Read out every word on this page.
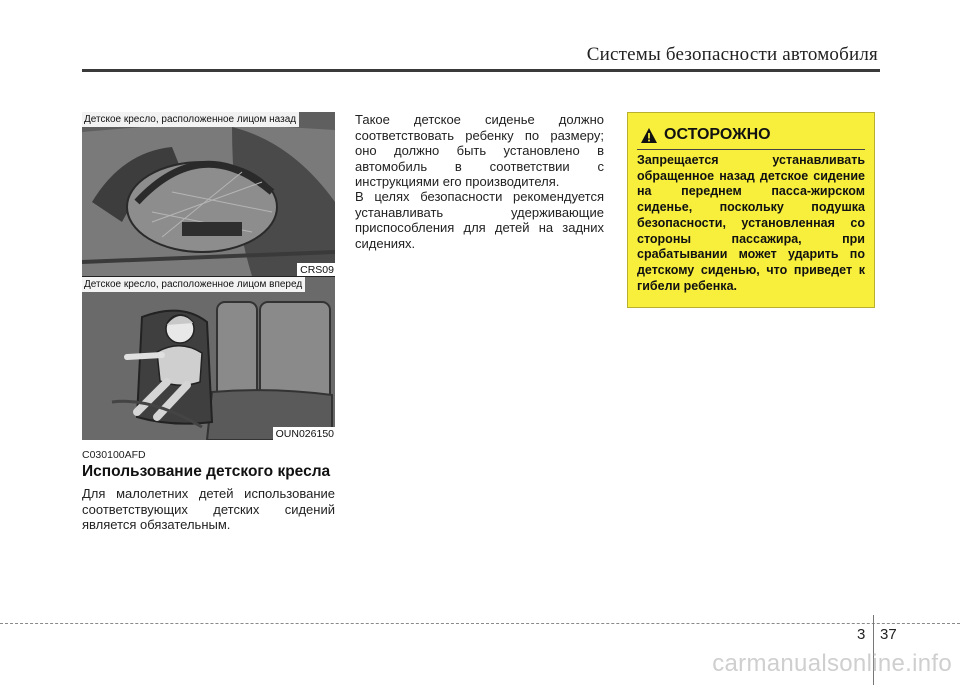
Системы безопасности автомобиля
Детское кресло, расположенное лицом назад
CRS09
Детское кресло, расположенное лицом вперед
OUN026150
C030100AFD
Использование детского кресла
Для малолетних детей использование соответствующих детских сидений является обязательным.
Такое детское сиденье должно соответствовать ребенку по размеру; оно должно быть установлено в автомобиль в соответствии с инструкциями его производителя.
В целях безопасности рекомендуется устанавливать удерживающие приспособления для детей на задних сидениях.
ОСТОРОЖНО
Запрещается устанавливать обращенное назад детское сидение на переднем пасса-жирском сиденье, поскольку подушка безопасности, установленная со стороны пассажира, при срабатывании может ударить по детскому сиденью, что приведет к гибели ребенка.
3 37
carmanualsonline.info
